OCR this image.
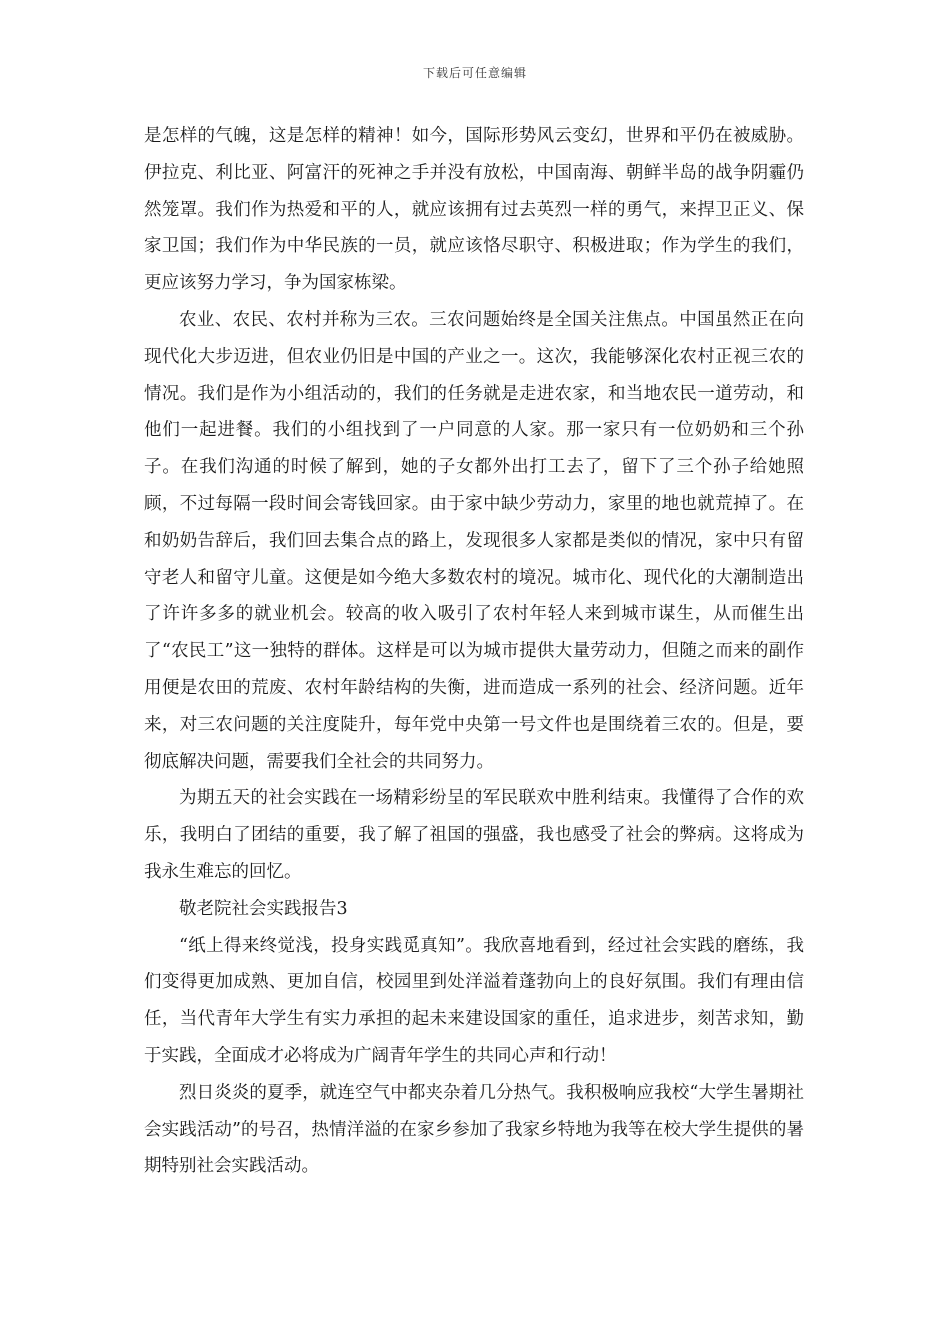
下载后可任意编辑

是怎样的气魄，这是怎样的精神！如今，国际形势风云变幻，世界和平仍在被威胁。伊拉克、利比亚、阿富汗的死神之手并没有放松，中国南海、朝鲜半岛的战争阴霾仍然笼罩。我们作为热爱和平的人，就应该拥有过去英烈一样的勇气，来捍卫正义、保家卫国；我们作为中华民族的一员，就应该恪尽职守、积极进取；作为学生的我们，更应该努力学习，争为国家栋梁。

农业、农民、农村并称为三农。三农问题始终是全国关注焦点。中国虽然正在向现代化大步迈进，但农业仍旧是中国的产业之一。这次，我能够深化农村正视三农的情况。我们是作为小组活动的，我们的任务就是走进农家，和当地农民一道劳动，和他们一起进餐。我们的小组找到了一户同意的人家。那一家只有一位奶奶和三个孙子。在我们沟通的时候了解到，她的子女都外出打工去了，留下了三个孙子给她照顾，不过每隔一段时间会寄钱回家。由于家中缺少劳动力，家里的地也就荒掉了。在和奶奶告辞后，我们回去集合点的路上，发现很多人家都是类似的情况，家中只有留守老人和留守儿童。这便是如今绝大多数农村的境况。城市化、现代化的大潮制造出了许许多多的就业机会。较高的收入吸引了农村年轻人来到城市谋生，从而催生出了“农民工”这一独特的群体。这样是可以为城市提供大量劳动力，但随之而来的副作用便是农田的荒废、农村年龄结构的失衡，进而造成一系列的社会、经济问题。近年来，对三农问题的关注度陡升，每年党中央第一号文件也是围绕着三农的。但是，要彻底解决问题，需要我们全社会的共同努力。

为期五天的社会实践在一场精彩纷呈的军民联欢中胜利结束。我懂得了合作的欢乐，我明白了团结的重要，我了解了祖国的强盛，我也感受了社会的弊病。这将成为我永生难忘的回忆。

敬老院社会实践报告3

“纸上得来终觉浅，投身实践觅真知”。我欣喜地看到，经过社会实践的磨练，我们变得更加成熟、更加自信，校园里到处洋溢着蓬勃向上的良好氛围。我们有理由信任，当代青年大学生有实力承担的起未来建设国家的重任，追求进步，刻苦求知，勤于实践，全面成才必将成为广阔青年学生的共同心声和行动！

烈日炎炎的夏季，就连空气中都夹杂着几分热气。我积极响应我校“大学生暑期社会实践活动”的号召，热情洋溢的在家乡参加了我家乡特地为我等在校大学生提供的暑期特别社会实践活动。
